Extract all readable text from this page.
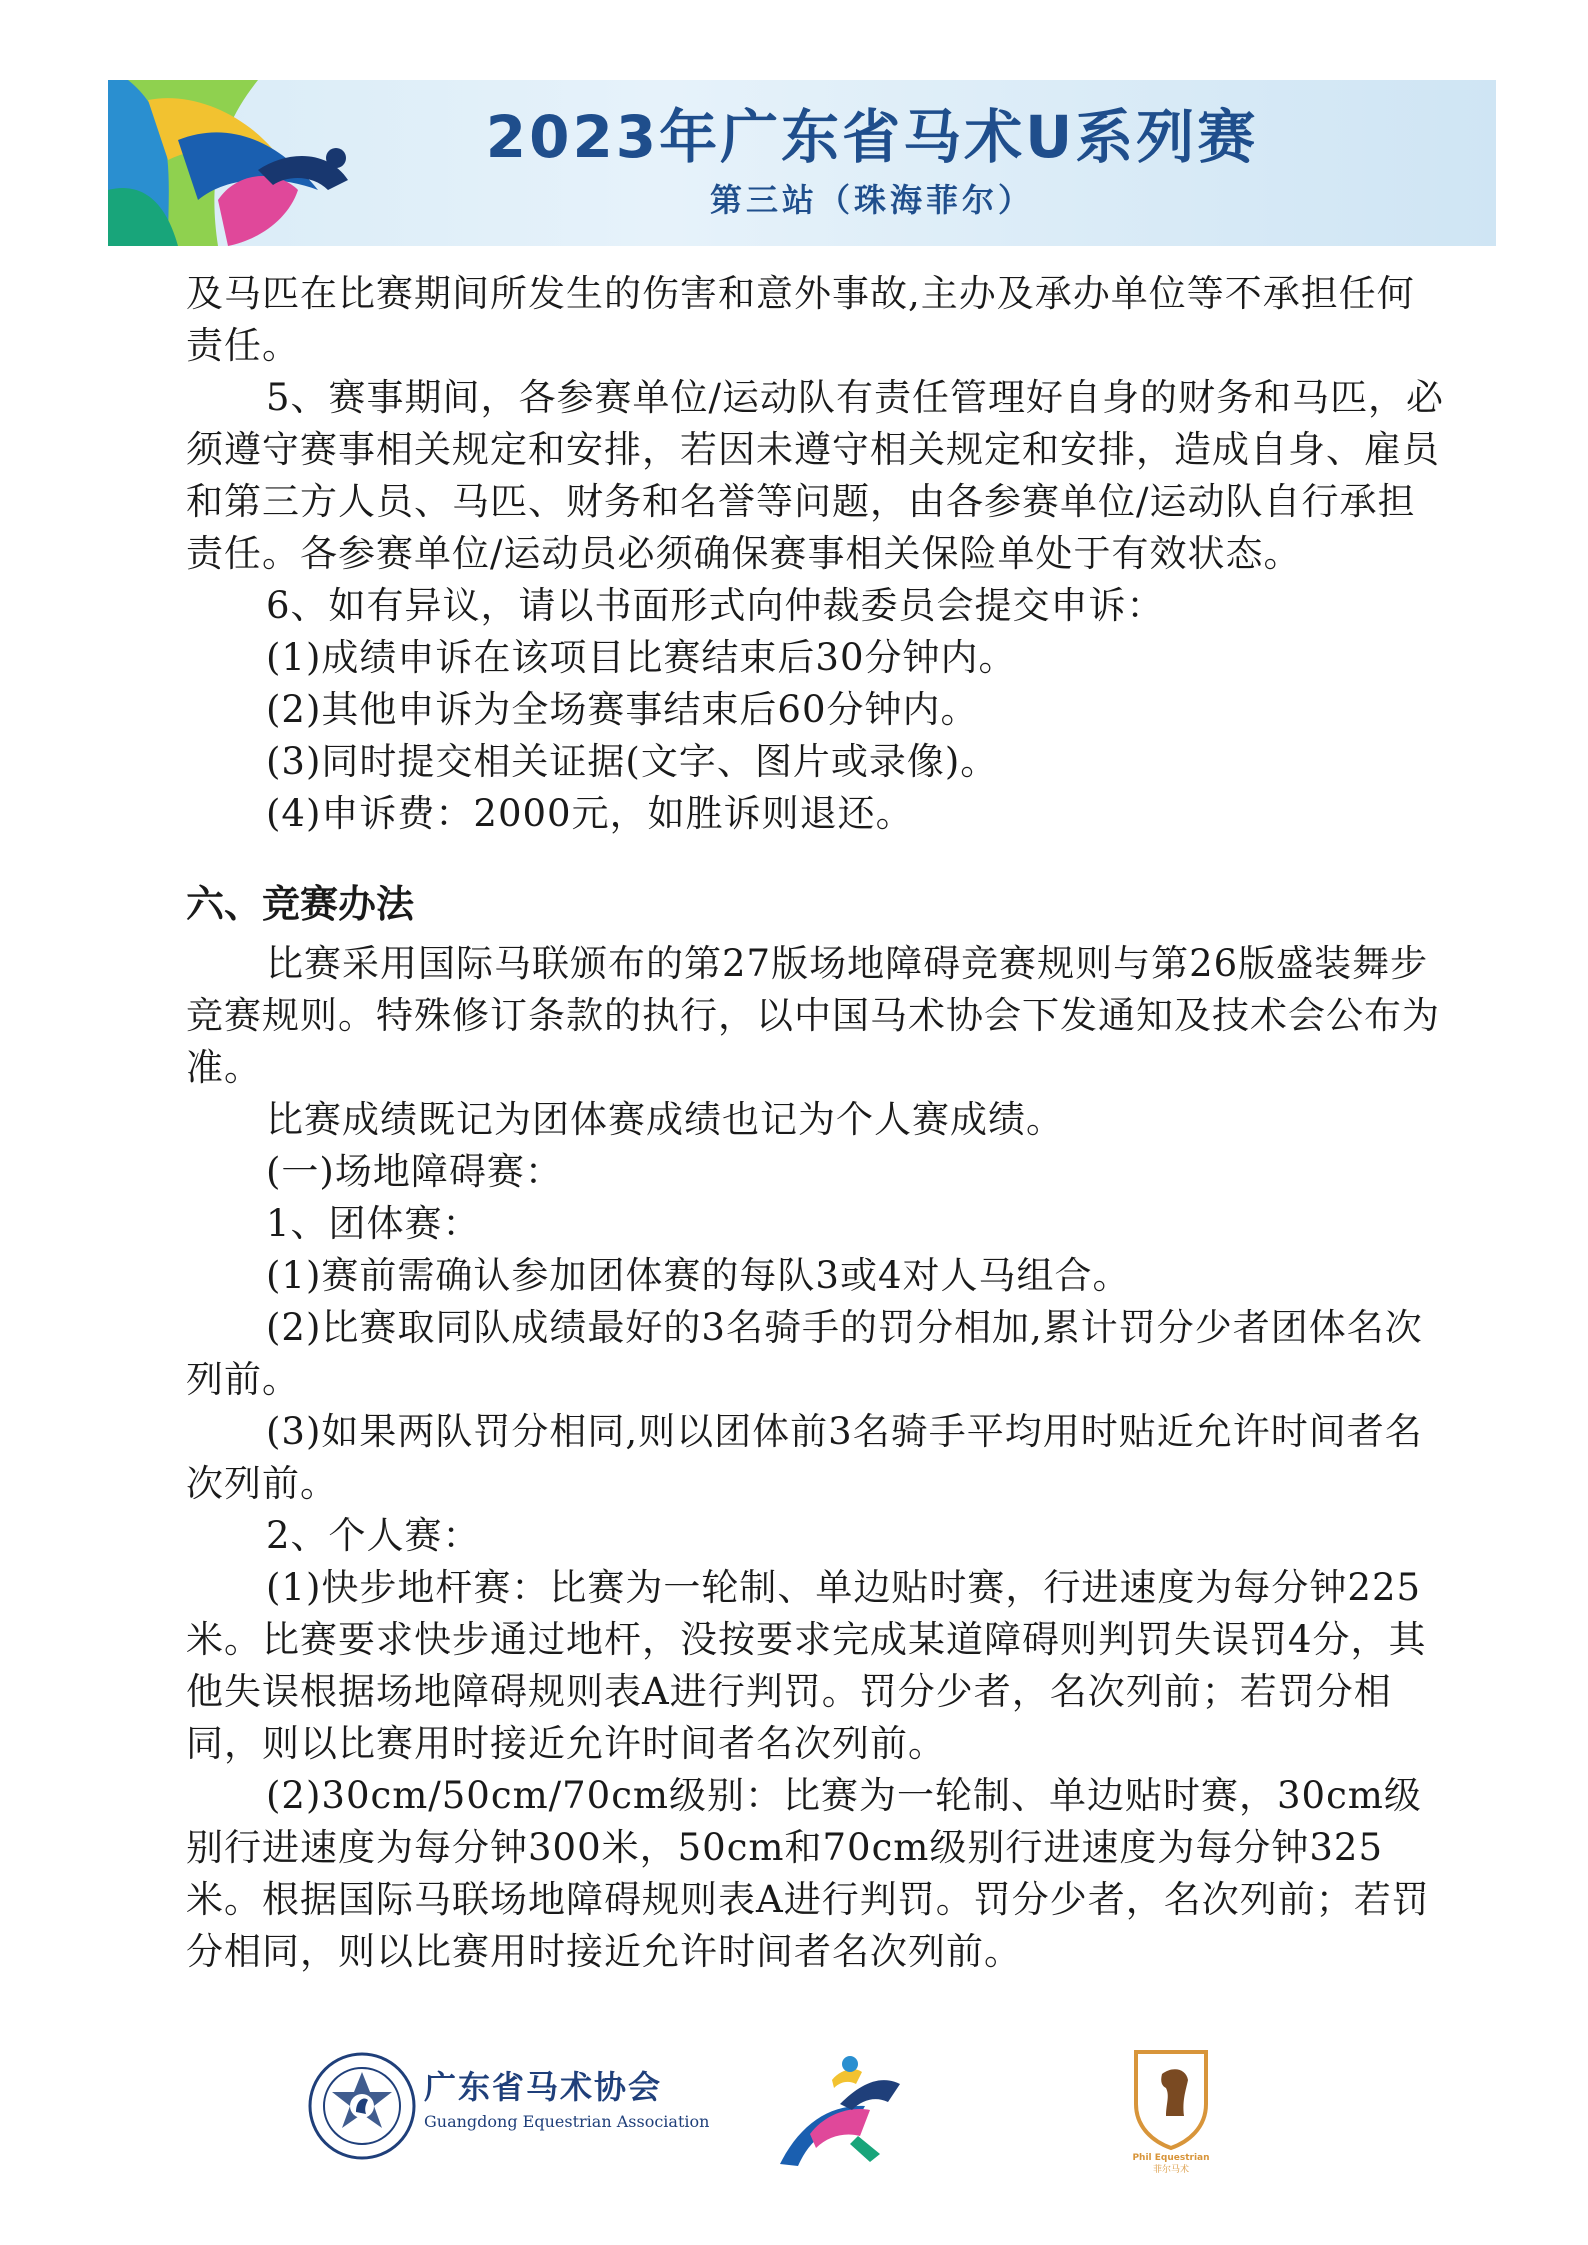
2023年广东省马术U系列赛
第三站（珠海菲尔）

及马匹在比赛期间所发生的伤害和意外事故,主办及承办单位等不承担任何责任。

5、赛事期间，各参赛单位/运动队有责任管理好自身的财务和马匹，必须遵守赛事相关规定和安排，若因未遵守相关规定和安排，造成自身、雇员和第三方人员、马匹、财务和名誉等问题，由各参赛单位/运动队自行承担责任。各参赛单位/运动员必须确保赛事相关保险单处于有效状态。

6、如有异议，请以书面形式向仲裁委员会提交申诉：

(1)成绩申诉在该项目比赛结束后30分钟内。

(2)其他申诉为全场赛事结束后60分钟内。

(3)同时提交相关证据(文字、图片或录像)。

(4)申诉费：2000元，如胜诉则退还。

六、竞赛办法

比赛采用国际马联颁布的第27版场地障碍竞赛规则与第26版盛装舞步竞赛规则。特殊修订条款的执行，以中国马术协会下发通知及技术会公布为准。

比赛成绩既记为团体赛成绩也记为个人赛成绩。

(一)场地障碍赛：

1、团体赛：

(1)赛前需确认参加团体赛的每队3或4对人马组合。

(2)比赛取同队成绩最好的3名骑手的罚分相加,累计罚分少者团体名次列前。

(3)如果两队罚分相同,则以团体前3名骑手平均用时贴近允许时间者名次列前。

2、个人赛：

(1)快步地杆赛：比赛为一轮制、单边贴时赛，行进速度为每分钟225米。比赛要求快步通过地杆，没按要求完成某道障碍则判罚失误罚4分，其他失误根据场地障碍规则表A进行判罚。罚分少者，名次列前；若罚分相同，则以比赛用时接近允许时间者名次列前。

(2)30cm/50cm/70cm级别：比赛为一轮制、单边贴时赛，30cm级别行进速度为每分钟300米，50cm和70cm级别行进速度为每分钟325米。根据国际马联场地障碍规则表A进行判罚。罚分少者，名次列前；若罚分相同，则以比赛用时接近允许时间者名次列前。

广东省马术协会
Guangdong Equestrian Association
Phil Equestrian
菲尔马术
